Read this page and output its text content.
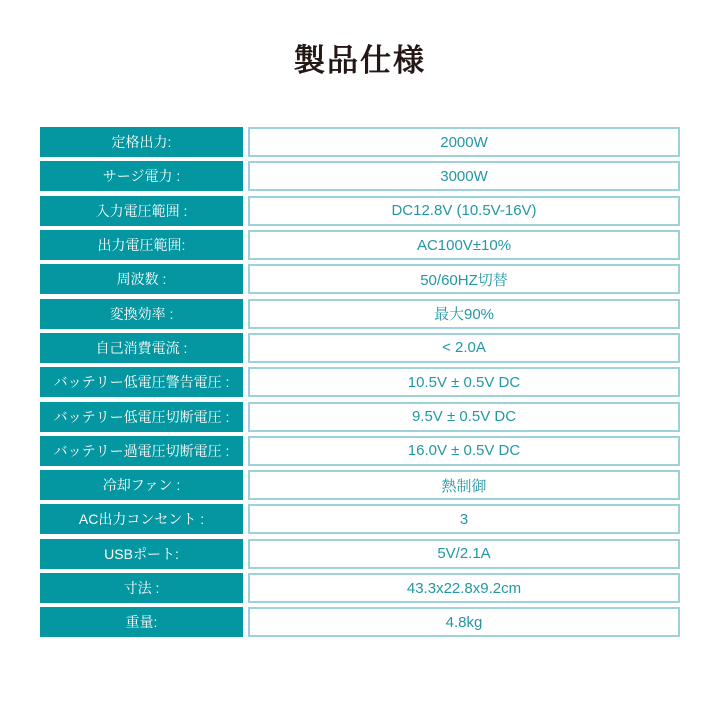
製品仕様
定格出力:	2000W
サージ電力 :	3000W
入力電圧範囲 :	DC12.8V (10.5V-16V)
出力電圧範囲:	AC100V±10%
周波数 :	50/60HZ切替
変換効率 :	最大90%
自己消費電流 :	< 2.0A
バッテリー低電圧警告電圧 :	10.5V ± 0.5V DC
バッテリー低電圧切断電圧 :	9.5V ± 0.5V DC
バッテリー過電圧切断電圧 :	16.0V ± 0.5V DC
冷却ファン :	熱制御
AC出力コンセント :	3
USBポート:	5V/2.1A
寸法 :	43.3x22.8x9.2cm
重量:	4.8kg
